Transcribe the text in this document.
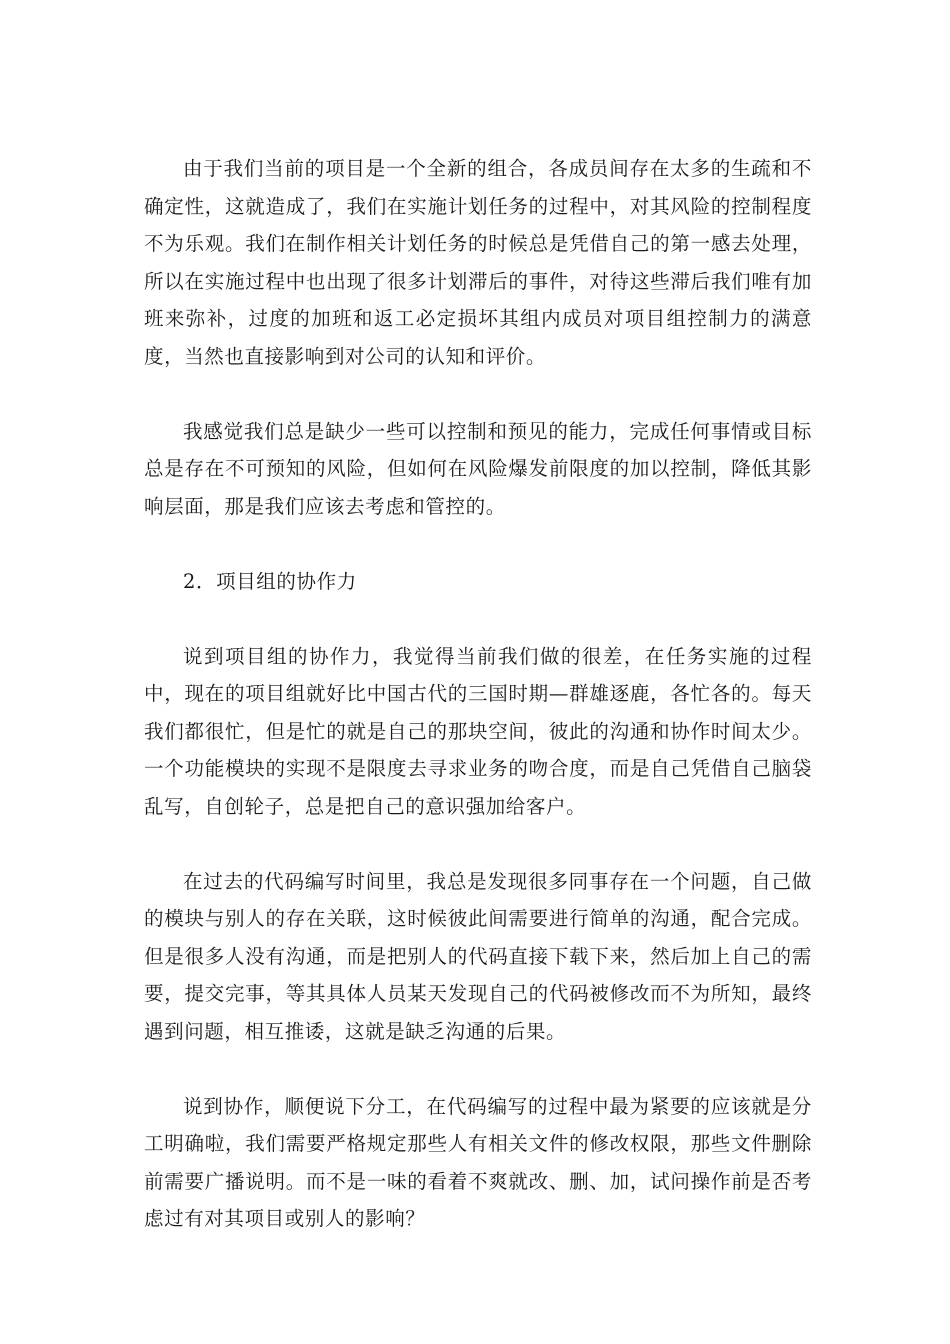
由于我们当前的项目是一个全新的组合，各成员间存在太多的生疏和不确定性，这就造成了，我们在实施计划任务的过程中，对其风险的控制程度不为乐观。我们在制作相关计划任务的时候总是凭借自己的第一感去处理，所以在实施过程中也出现了很多计划滞后的事件，对待这些滞后我们唯有加班来弥补，过度的加班和返工必定损坏其组内成员对项目组控制力的满意度，当然也直接影响到对公司的认知和评价。

我感觉我们总是缺少一些可以控制和预见的能力，完成任何事情或目标总是存在不可预知的风险，但如何在风险爆发前限度的加以控制，降低其影响层面，那是我们应该去考虑和管控的。

2．项目组的协作力

说到项目组的协作力，我觉得当前我们做的很差，在任务实施的过程中，现在的项目组就好比中国古代的三国时期—群雄逐鹿，各忙各的。每天我们都很忙，但是忙的就是自己的那块空间，彼此的沟通和协作时间太少。一个功能模块的实现不是限度去寻求业务的吻合度，而是自己凭借自己脑袋乱写，自创轮子，总是把自己的意识强加给客户。

在过去的代码编写时间里，我总是发现很多同事存在一个问题，自己做的模块与别人的存在关联，这时候彼此间需要进行简单的沟通，配合完成。但是很多人没有沟通，而是把别人的代码直接下载下来，然后加上自己的需要，提交完事，等其具体人员某天发现自己的代码被修改而不为所知，最终遇到问题，相互推诿，这就是缺乏沟通的后果。

说到协作，顺便说下分工，在代码编写的过程中最为紧要的应该就是分工明确啦，我们需要严格规定那些人有相关文件的修改权限，那些文件删除前需要广播说明。而不是一味的看着不爽就改、删、加，试问操作前是否考虑过有对其项目或别人的影响？
